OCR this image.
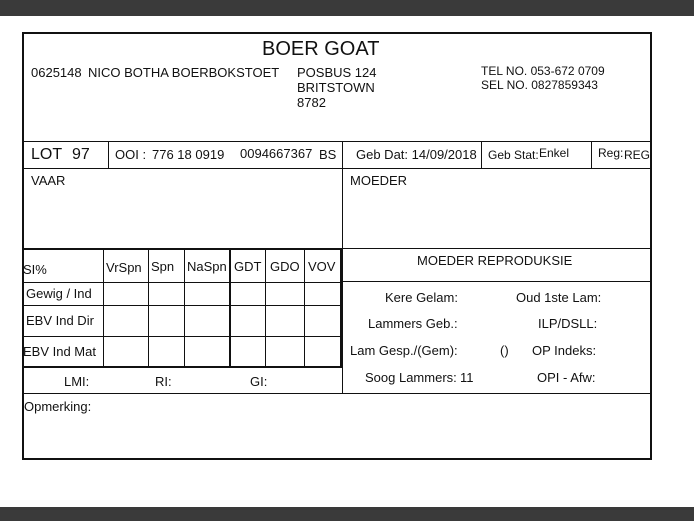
BOER GOAT
0625148 NICO BOTHA BOERBOKSTOET POSBUS 124
BRITSTOWN
8782
TEL NO. 053-672 0709
SEL NO. 0827859343
LOT 97 OOI : 776 18 0919 0094667367 BS Geb Dat: 14/09/2018 Geb Stat: Enkel Reg: REG
VAAR	MOEDER
SI%	VrSpn Spn NaSpn GDT GDO VOV
Gewig / Ind
EBV Ind Dir
EBV Ind Mat
MOEDER REPRODUKSIE
Kere Gelam:	Oud 1ste Lam:
Lammers Geb.:	ILP/DSLL:
Lam Gesp./(Gem):	() OP Indeks:
Soog Lammers: 11	OPI - Afw:
LMI:	RI:	GI:
Opmerking:
